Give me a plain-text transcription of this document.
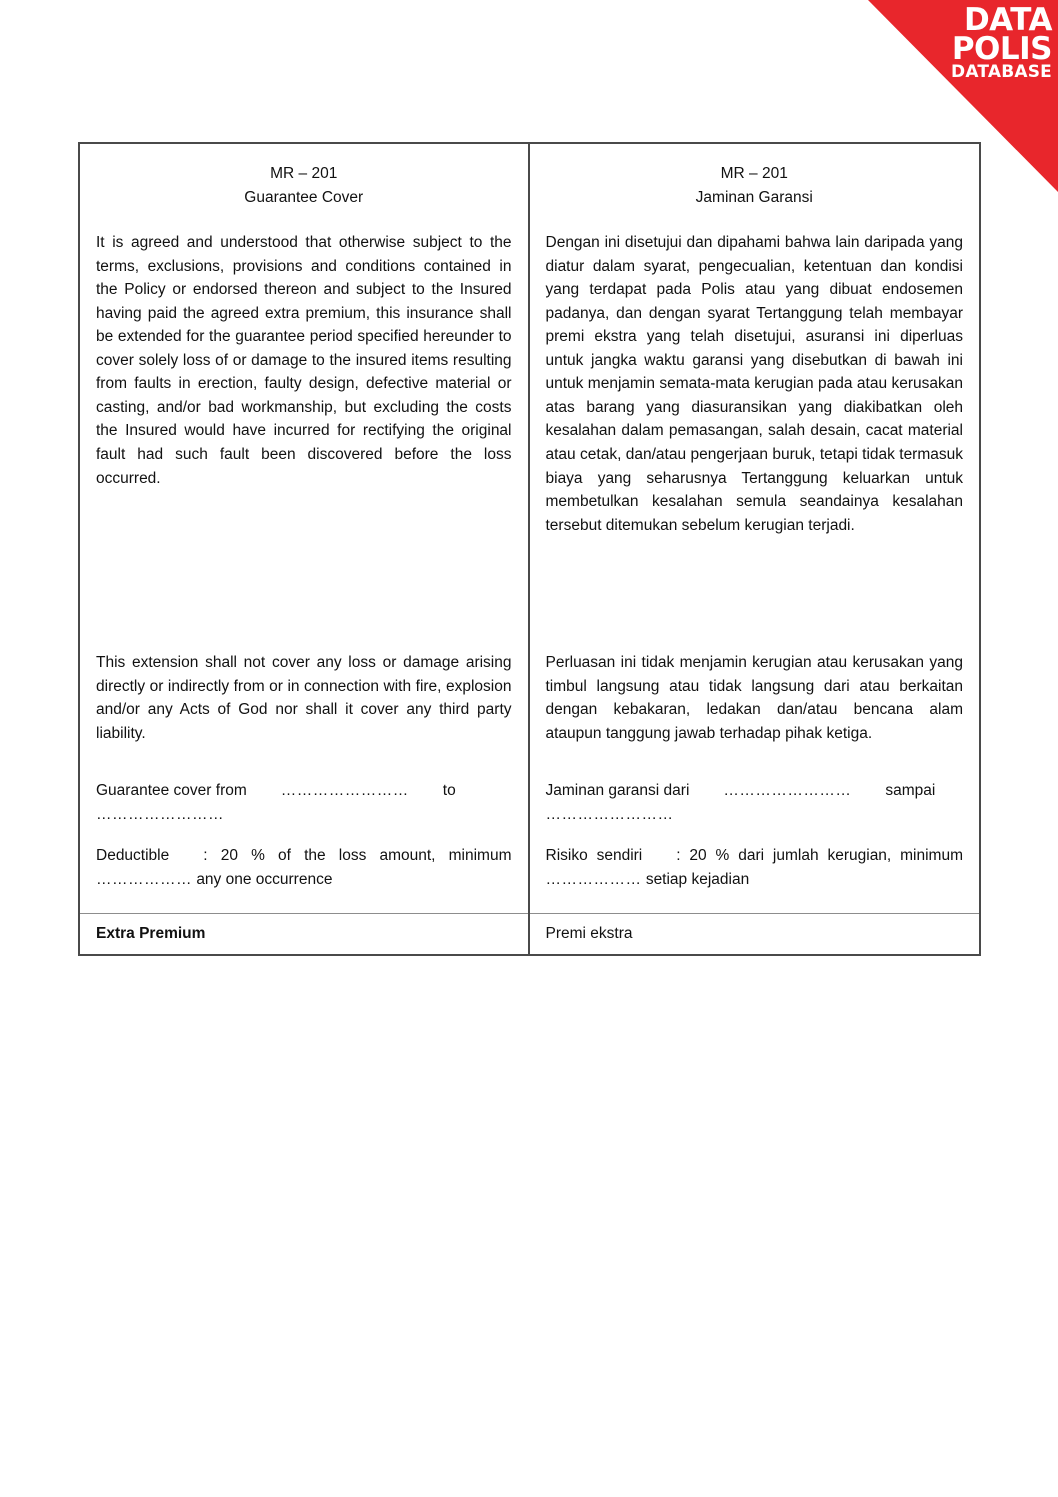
DATA
POLIS
DATABASE
MR – 201
Guarantee Cover

It is agreed and understood that otherwise subject to the terms, exclusions, provisions and conditions contained in the Policy or endorsed thereon and subject to the Insured having paid the agreed extra premium, this insurance shall be extended for the guarantee period specified hereunder to cover solely loss of or damage to the insured items resulting from faults in erection, faulty design, defective material or casting, and/or bad workmanship, but excluding the costs the Insured would have incurred for rectifying the original fault had such fault been discovered before the loss occurred.

This extension shall not cover any loss or damage arising directly or indirectly from or in connection with fire, explosion and/or any Acts of God nor shall it cover any third party liability.

Guarantee cover from …………………… to
……………………
Deductible : 20 % of the loss amount, minimum ……………… any one occurrence
Extra Premium
MR – 201
Jaminan Garansi

Dengan ini disetujui dan dipahami bahwa lain daripada yang diatur dalam syarat, pengecualian, ketentuan dan kondisi yang terdapat pada Polis atau yang dibuat endosemen padanya, dan dengan syarat Tertanggung telah membayar premi ekstra yang telah disetujui, asuransi ini diperluas untuk jangka waktu garansi yang disebutkan di bawah ini untuk menjamin semata-mata kerugian pada atau kerusakan atas barang yang diasuransikan yang diakibatkan oleh kesalahan dalam pemasangan, salah desain, cacat material atau cetak, dan/atau pengerjaan buruk, tetapi tidak termasuk biaya yang seharusnya Tertanggung keluarkan untuk membetulkan kesalahan semula seandainya kesalahan tersebut ditemukan sebelum kerugian terjadi.

Perluasan ini tidak menjamin kerugian atau kerusakan yang timbul langsung atau tidak langsung dari atau berkaitan dengan kebakaran, ledakan dan/atau bencana alam ataupun tanggung jawab terhadap pihak ketiga.

Jaminan garansi dari …………………… sampai
……………………
Risiko sendiri : 20 % dari jumlah kerugian, minimum ……………… setiap kejadian
Premi ekstra
